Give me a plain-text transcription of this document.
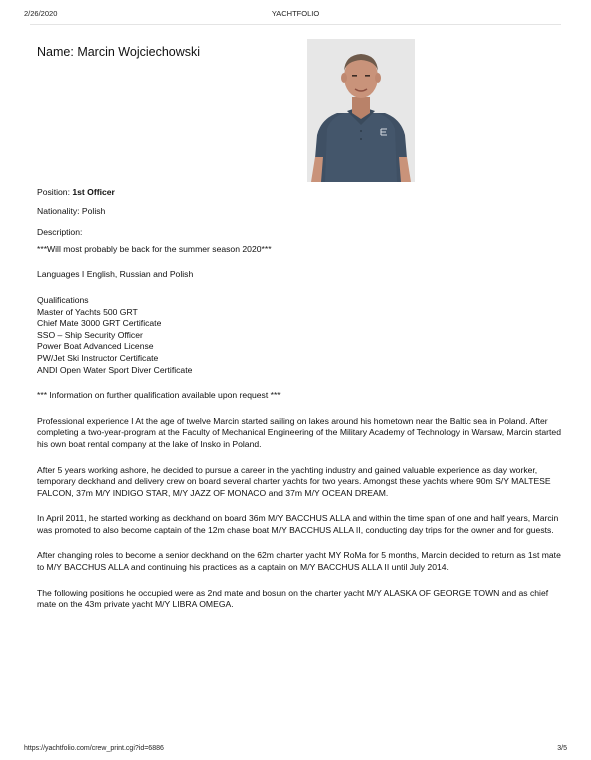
2/26/2020	YACHTFOLIO
Name: Marcin Wojciechowski

Position: 1st Officer

Nationality: Polish

Description:

***Will most probably be back for the summer season 2020***

Languages I English, Russian and Polish

Qualifications
Master of Yachts 500 GRT
Chief Mate 3000 GRT Certificate
SSO – Ship Security Officer
Power Boat Advanced License
PW/Jet Ski Instructor Certificate
ANDI Open Water Sport Diver Certificate

*** Information on further qualification available upon request ***

Professional experience I At the age of twelve Marcin started sailing on lakes around his hometown near the Baltic sea in Poland. After completing a two-year-program at the Faculty of Mechanical Engineering of the Military Academy of Technology in Warsaw, Marcin started his own boat rental company at the lake of Insko in Poland.

After 5 years working ashore, he decided to pursue a career in the yachting industry and gained valuable experience as day worker, temporary deckhand and delivery crew on board several charter yachts for two years. Amongst these yachts where 90m S/Y MALTESE FALCON, 37m M/Y INDIGO STAR, M/Y JAZZ OF MONACO and 37m M/Y OCEAN DREAM.

In April 2011, he started working as deckhand on board 36m M/Y BACCHUS ALLA and within the time span of one and half years, Marcin was promoted to also become captain of the 12m chase boat M/Y BACCHUS ALLA II, conducting day trips for the owner and for guests.

After changing roles to become a senior deckhand on the 62m charter yacht MY RoMa for 5 months, Marcin decided to return as 1st mate to M/Y BACCHUS ALLA and continuing his practices as a captain on M/Y BACCHUS ALLA II until July 2014.

The following positions he occupied were as 2nd mate and bosun on the charter yacht M/Y ALASKA OF GEORGE TOWN and as chief mate on the 43m private yacht M/Y LIBRA OMEGA.

https://yachtfolio.com/crew_print.cgi?id=6886	3/5
